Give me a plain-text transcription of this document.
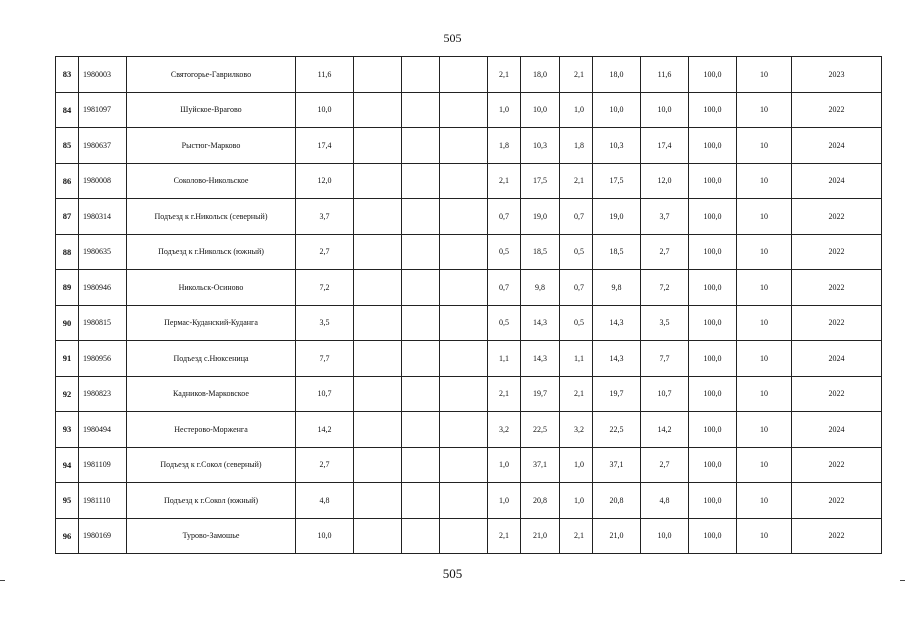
505
83	1980003	Святогорье-Гаврилково	11,6				2,1	18,0	2,1	18,0	11,6	100,0	10	2023
84	1981097	Шуйское-Врагово	10,0				1,0	10,0	1,0	10,0	10,0	100,0	10	2022
85	1980637	Рыстюг-Марково	17,4				1,8	10,3	1,8	10,3	17,4	100,0	10	2024
86	1980008	Соколово-Никольское	12,0				2,1	17,5	2,1	17,5	12,0	100,0	10	2024
87	1980314	Подъезд к г.Никольск (северный)	3,7				0,7	19,0	0,7	19,0	3,7	100,0	10	2022
88	1980635	Подъезд к г.Никольск (южный)	2,7				0,5	18,5	0,5	18,5	2,7	100,0	10	2022
89	1980946	Никольск-Осиново	7,2				0,7	9,8	0,7	9,8	7,2	100,0	10	2022
90	1980815	Пермас-Куданский-Куданга	3,5				0,5	14,3	0,5	14,3	3,5	100,0	10	2022
91	1980956	Подъезд с.Нюксеница	7,7				1,1	14,3	1,1	14,3	7,7	100,0	10	2024
92	1980823	Кадников-Марковское	10,7				2,1	19,7	2,1	19,7	10,7	100,0	10	2022
93	1980494	Нестерово-Морженга	14,2				3,2	22,5	3,2	22,5	14,2	100,0	10	2024
94	1981109	Подъезд к г.Сокол (северный)	2,7				1,0	37,1	1,0	37,1	2,7	100,0	10	2022
95	1981110	Подъезд к г.Сокол (южный)	4,8				1,0	20,8	1,0	20,8	4,8	100,0	10	2022
96	1980169	Турово-Замошье	10,0				2,1	21,0	2,1	21,0	10,0	100,0	10	2022
505
